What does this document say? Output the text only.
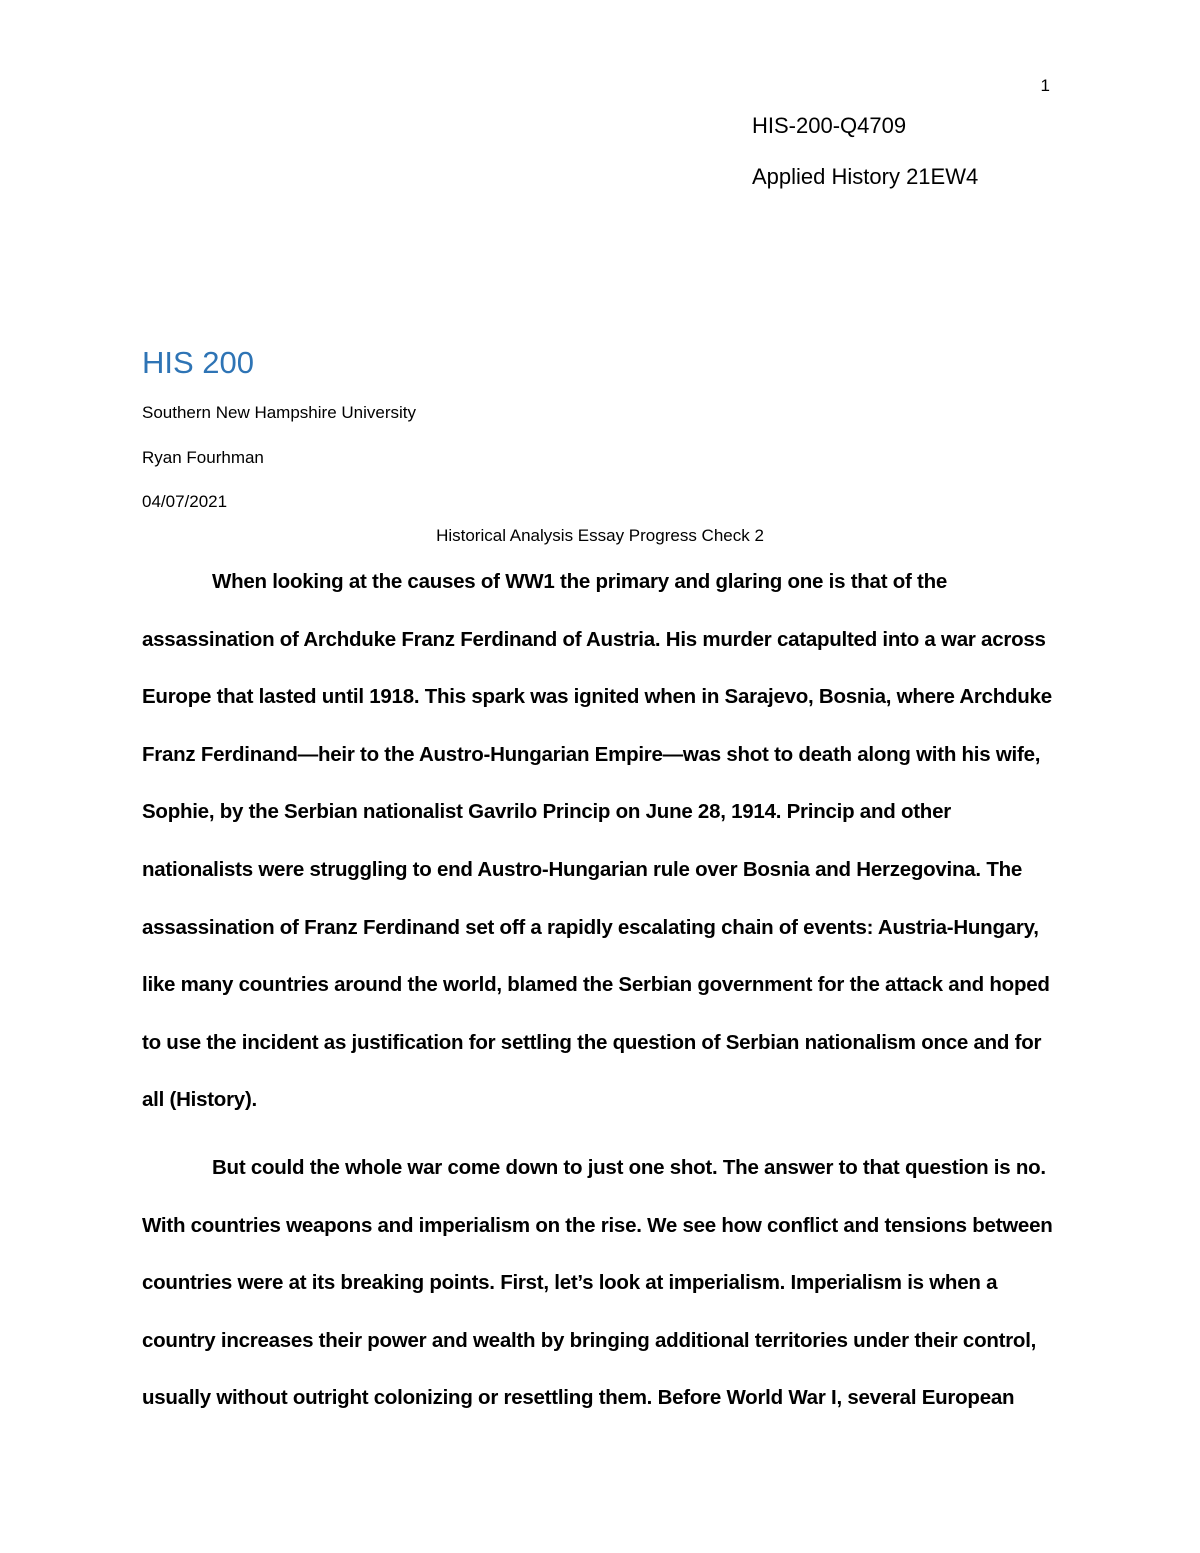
1
HIS-200-Q4709
Applied History 21EW4
HIS 200
Southern New Hampshire University
Ryan Fourhman
04/07/2021
Historical Analysis Essay Progress Check 2

When looking at the causes of WW1 the primary and glaring one is that of the
assassination of Archduke Franz Ferdinand of Austria. His murder catapulted into a war across
Europe that lasted until 1918. This spark was ignited when in Sarajevo, Bosnia, where Archduke
Franz Ferdinand—heir to the Austro-Hungarian Empire—was shot to death along with his wife,
Sophie, by the Serbian nationalist Gavrilo Princip on June 28, 1914. Princip and other
nationalists were struggling to end Austro-Hungarian rule over Bosnia and Herzegovina. The
assassination of Franz Ferdinand set off a rapidly escalating chain of events: Austria-Hungary,
like many countries around the world, blamed the Serbian government for the attack and hoped
to use the incident as justification for settling the question of Serbian nationalism once and for
all (History).

But could the whole war come down to just one shot. The answer to that question is no.
With countries weapons and imperialism on the rise. We see how conflict and tensions between
countries were at its breaking points. First, let’s look at imperialism. Imperialism is when a
country increases their power and wealth by bringing additional territories under their control,
usually without outright colonizing or resettling them. Before World War I, several European
